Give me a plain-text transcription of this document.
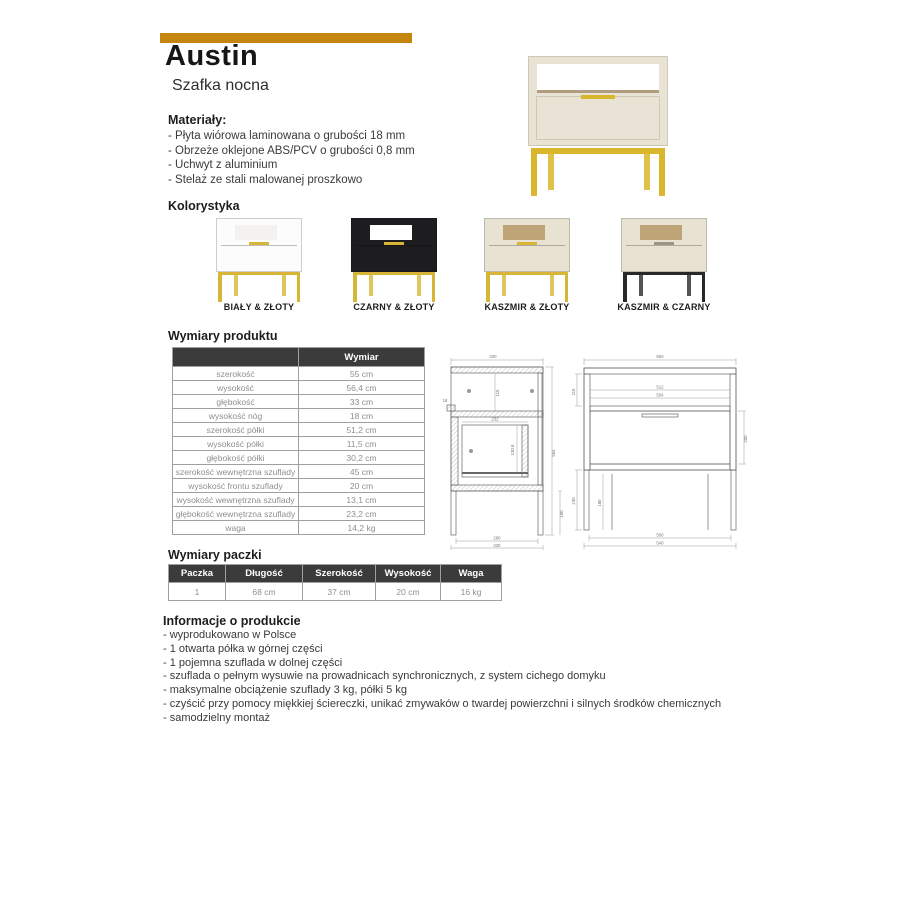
Austin
Szafka nocna
Materiały:
- Płyta wiórowa laminowana o grubości 18 mm
- Obrzeże oklejone ABS/PCV o grubości 0,8 mm
- Uchwyt z aluminium
- Stelaż ze stali malowanej proszkowo
Kolorystyka
BIAŁY & ZŁOTY	CZARNY & ZŁOTY	KASZMIR & ZŁOTY	KASZMIR & CZARNY
Wymiary produktu
	Wymiar
szerokość	55 cm
wysokość	56,4 cm
głębokość	33 cm
wysokość nóg	18 cm
szerokość półki	51,2 cm
wysokość półki	11,5 cm
głębokość półki	30,2 cm
szerokość wewnętrzna szuflady	45 cm
wysokość frontu szuflady	20 cm
wysokość wewnętrzna szuflady	13,1 cm
głębokość wewnętrzna szuflady	23,2 cm
waga	14,2 kg
330
564
180
115
232
130,8
18
280
330
550
115
512
504
200
230	180
500
540
Wymiary paczki
Paczka	Długość	Szerokość	Wysokość	Waga
1	68 cm	37 cm	20 cm	16 kg
Informacje o produkcie
- wyprodukowano w Polsce
- 1 otwarta półka w górnej części
- 1 pojemna szuflada w dolnej części
- szuflada o pełnym wysuwie na prowadnicach synchronicznych, z system cichego domyku
- maksymalne obciążenie szuflady 3 kg, półki 5 kg
- czyścić przy pomocy miękkiej ściereczki, unikać zmywaków o twardej powierzchni i silnych środków chemicznych
- samodzielny montaż
